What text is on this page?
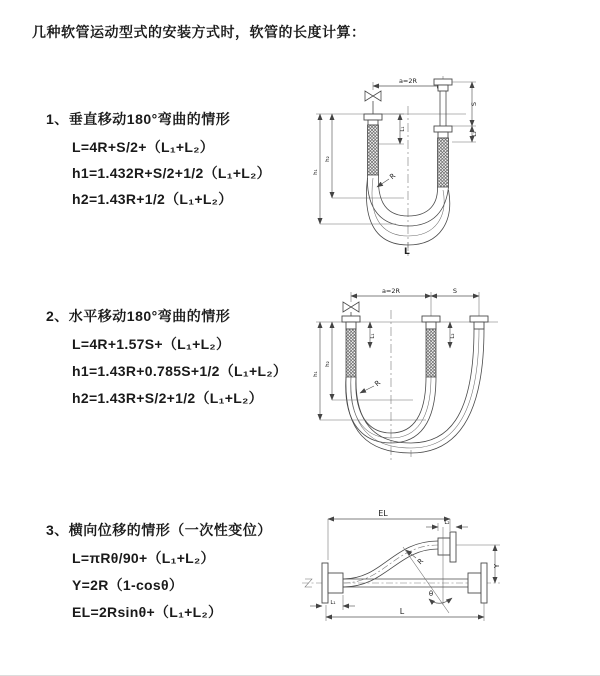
几种软管运动型式的安装方式时，软管的长度计算：
1、垂直移动180°弯曲的情形
L=4R+S/2+（L₁+L₂）
h1=1.432R+S/2+1/2（L₁+L₂）
h2=1.43R+1/2（L₁+L₂）
2、水平移动180°弯曲的情形
L=4R+1.57S+（L₁+L₂）
h1=1.43R+0.785S+1/2（L₁+L₂）
h2=1.43R+S/2+1/2（L₁+L₂）
3、横向位移的情形（一次性变位）
L=πRθ/90+（L₁+L₂）
Y=2R（1-cosθ）
EL=2Rsinθ+（L₁+L₂）
a=2R
h₁
h₂
L₁
S
L₂
R
L
a=2R	S
L₁	L₂
h₁
h₂
R
EL
L₂
θ
R	Y
L₁
L
